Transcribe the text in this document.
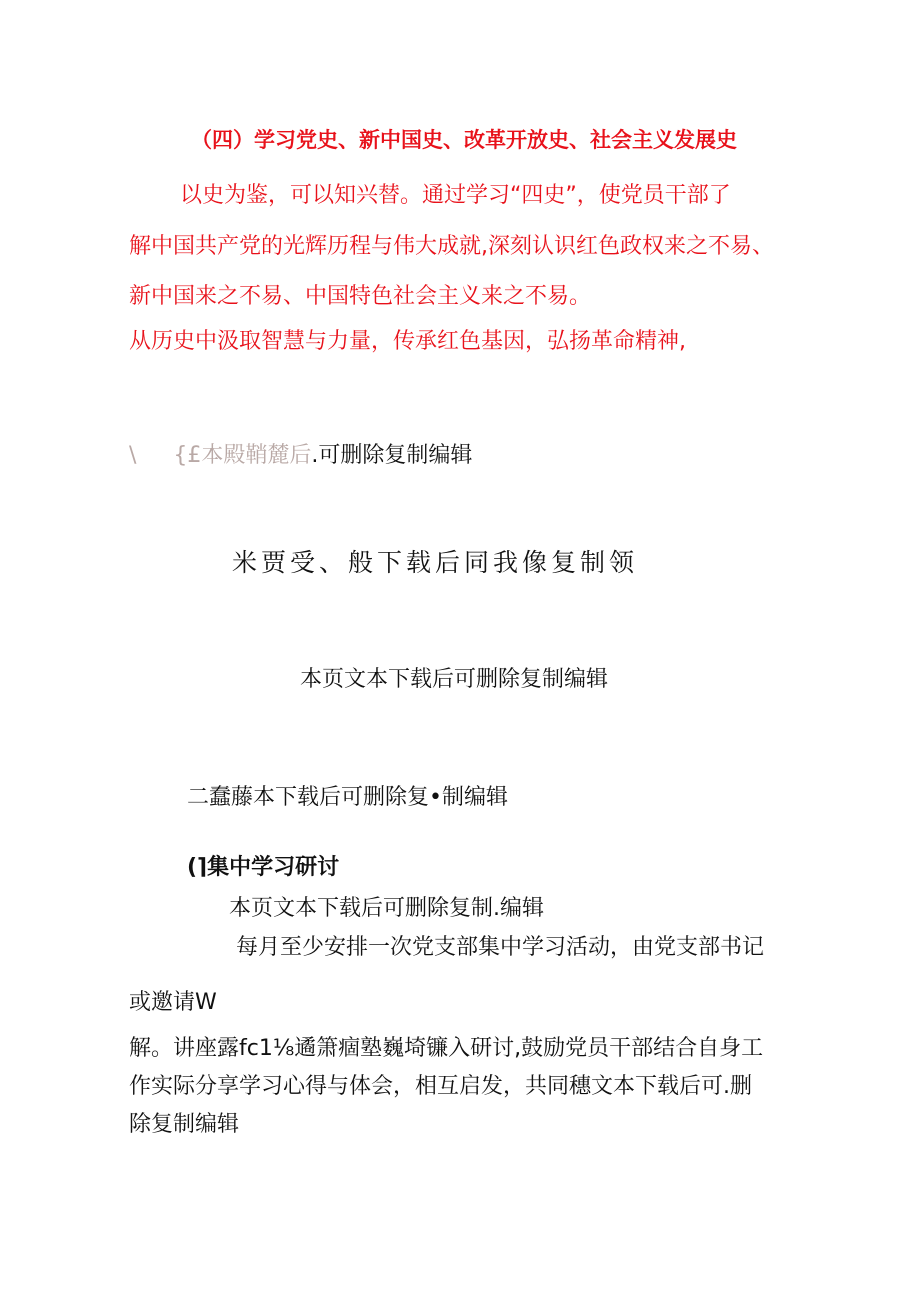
（四）学习党史、新中国史、改革开放史、社会主义发展史
以史为鉴，可以知兴替。通过学习“四史”，使党员干部了
解中国共产党的光辉历程与伟大成就,深刻认识红色政权来之不易、
新中国来之不易、中国特色社会主义来之不易。
从历史中汲取智慧与力量，传承红色基因，弘扬革命精神,
\ {£本殿鞘麓后.可删除复制编辑
米贾受、般下载后同我像复制领
本页文本下载后可删除复制编辑
二蠢藤本下载后可删除复•制编辑
(⌉集中学习研讨
本页文本下载后可删除复制.编辑
每月至少安排一次党支部集中学习活动，由党支部书记
或邀请W
解。讲座露fc1⅛遹箫痼塾巍埼镰入研讨,鼓励党员干部结合自身工
作实际分享学习心得与体会，相互启发，共同穗文本下载后可.删
除复制编辑
